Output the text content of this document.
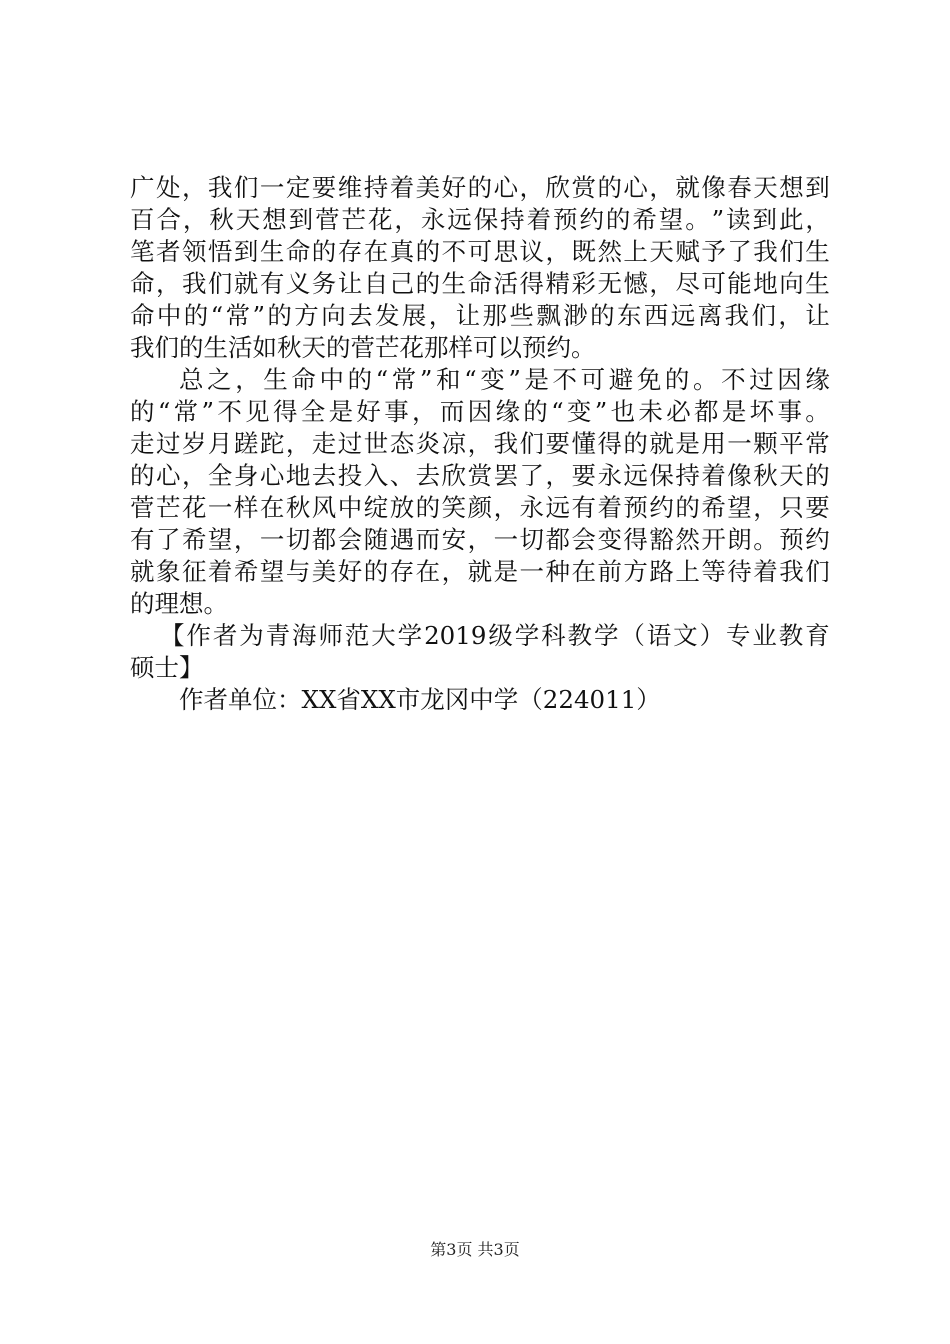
广 处 ， 我 们 一 定 要 维 持 着 美 好 的 心 ， 欣 赏 的 心 ， 就 像 春 天 想 到
百 合 ， 秋 天 想 到 菅 芒 花 ， 永 远 保 持 着 预 约 的 希 望 。 ” 读 到 此 ，
笔 者 领 悟 到 生 命 的 存 在 真 的 不 可 思 议 ， 既 然 上 天 赋 予 了 我 们 生
命 ， 我 们 就 有 义 务 让 自 己 的 生 命 活 得 精 彩 无 憾 ， 尽 可 能 地 向 生
命 中 的 “ 常 ” 的 方 向 去 发 展 ， 让 那 些 飘 渺 的 东 西 远 离 我 们 ， 让
我们的生活如秋天的菅芒花那样可以预约。
总 之 ， 生 命 中 的 “ 常 ” 和 “ 变 ” 是 不 可 避 免 的 。 不 过 因 缘
的 “ 常 ” 不 见 得 全 是 好 事 ， 而 因 缘 的 “ 变 ” 也 未 必 都 是 坏 事 。
走 过 岁 月 蹉 跎 ， 走 过 世 态 炎 凉 ， 我 们 要 懂 得 的 就 是 用 一 颗 平 常
的 心 ， 全 身 心 地 去 投 入 、 去 欣 赏 罢 了 ， 要 永 远 保 持 着 像 秋 天 的
菅 芒 花 一 样 在 秋 风 中 绽 放 的 笑 颜 ， 永 远 有 着 预 约 的 希 望 ， 只 要
有 了 希 望 ， 一 切 都 会 随 遇 而 安 ， 一 切 都 会 变 得 豁 然 开 朗 。 预 约
就 象 征 着 希 望 与 美 好 的 存 在 ， 就 是 一 种 在 前 方 路 上 等 待 着 我 们
的理想。
【 作 者 为 青 海 师 范 大 学 2019 级 学 科 教 学 （ 语 文 ） 专 业 教 育
硕士】
作者单位：XX省XX市龙冈中学（224011）
第3页 共3页
